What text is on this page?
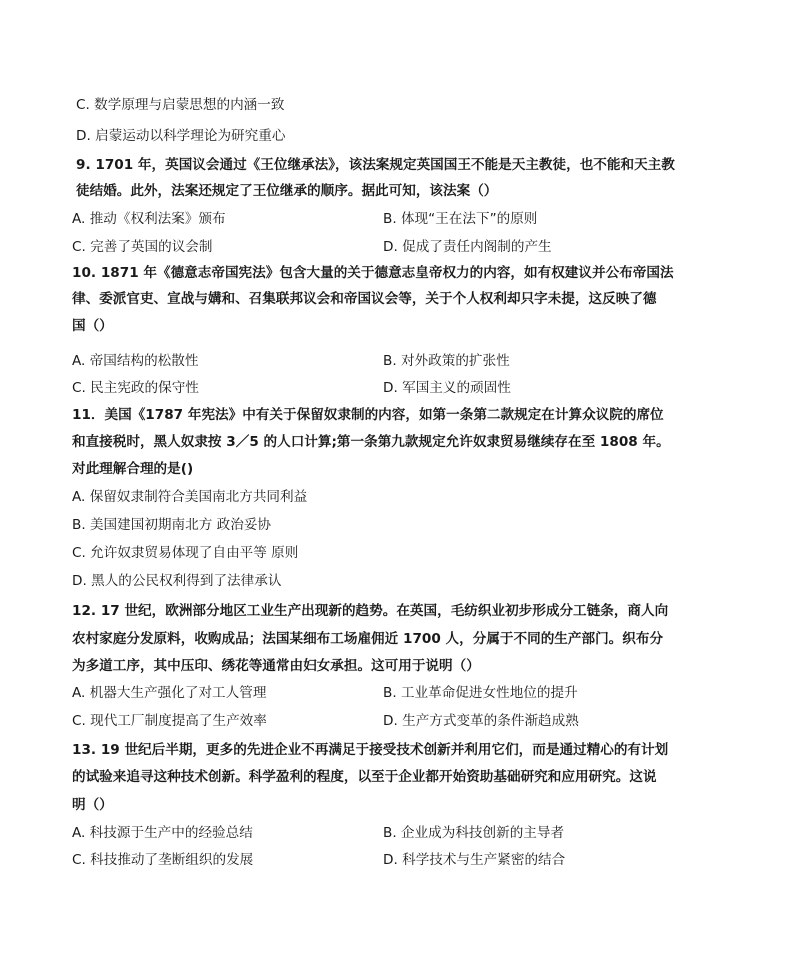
C. 数学原理与启蒙思想的内涵一致
D. 启蒙运动以科学理论为研究重心
9. 1701 年，英国议会通过《王位继承法》，该法案规定英国国王不能是天主教徒，也不能和天主教
徒结婚。此外，法案还规定了王位继承的顺序。据此可知，该法案（）
A. 推动《权利法案》颁布	B. 体现“王在法下”的原则
C. 完善了英国的议会制	D. 促成了责任内阁制的产生
10. 1871 年《德意志帝国宪法》包含大量的关于德意志皇帝权力的内容，如有权建议并公布帝国法
律、委派官吏、宣战与媾和、召集联邦议会和帝国议会等，关于个人权利却只字未提，这反映了德
国（）
A. 帝国结构的松散性	B. 对外政策的扩张性
C. 民主宪政的保守性	D. 军国主义的顽固性
11．美国《1787 年宪法》中有关于保留奴隶制的内容，如第一条第二款规定在计算众议院的席位
和直接税时，黑人奴隶按 3／5 的人口计算;第一条第九款规定允许奴隶贸易继续存在至 1808 年。
对此理解合理的是()
A. 保留奴隶制符合美国南北方共同利益
B. 美国建国初期南北方 政治妥协
C. 允许奴隶贸易体现了自由平等 原则
D. 黑人的公民权利得到了法律承认
12. 17 世纪，欧洲部分地区工业生产出现新的趋势。在英国，毛纺织业初步形成分工链条，商人向
农村家庭分发原料，收购成品；法国某细布工场雇佣近 1700 人，分属于不同的生产部门。织布分
为多道工序，其中压印、绣花等通常由妇女承担。这可用于说明（）
A. 机器大生产强化了对工人管理	B. 工业革命促进女性地位的提升
C. 现代工厂制度提高了生产效率	D. 生产方式变革的条件渐趋成熟
13. 19 世纪后半期，更多的先进企业不再满足于接受技术创新并利用它们，而是通过精心的有计划
的试验来追寻这种技术创新。科学盈利的程度，以至于企业都开始资助基础研究和应用研究。这说
明（）
A. 科技源于生产中的经验总结	B. 企业成为科技创新的主导者
C. 科技推动了垄断组织的发展	D. 科学技术与生产紧密的结合
